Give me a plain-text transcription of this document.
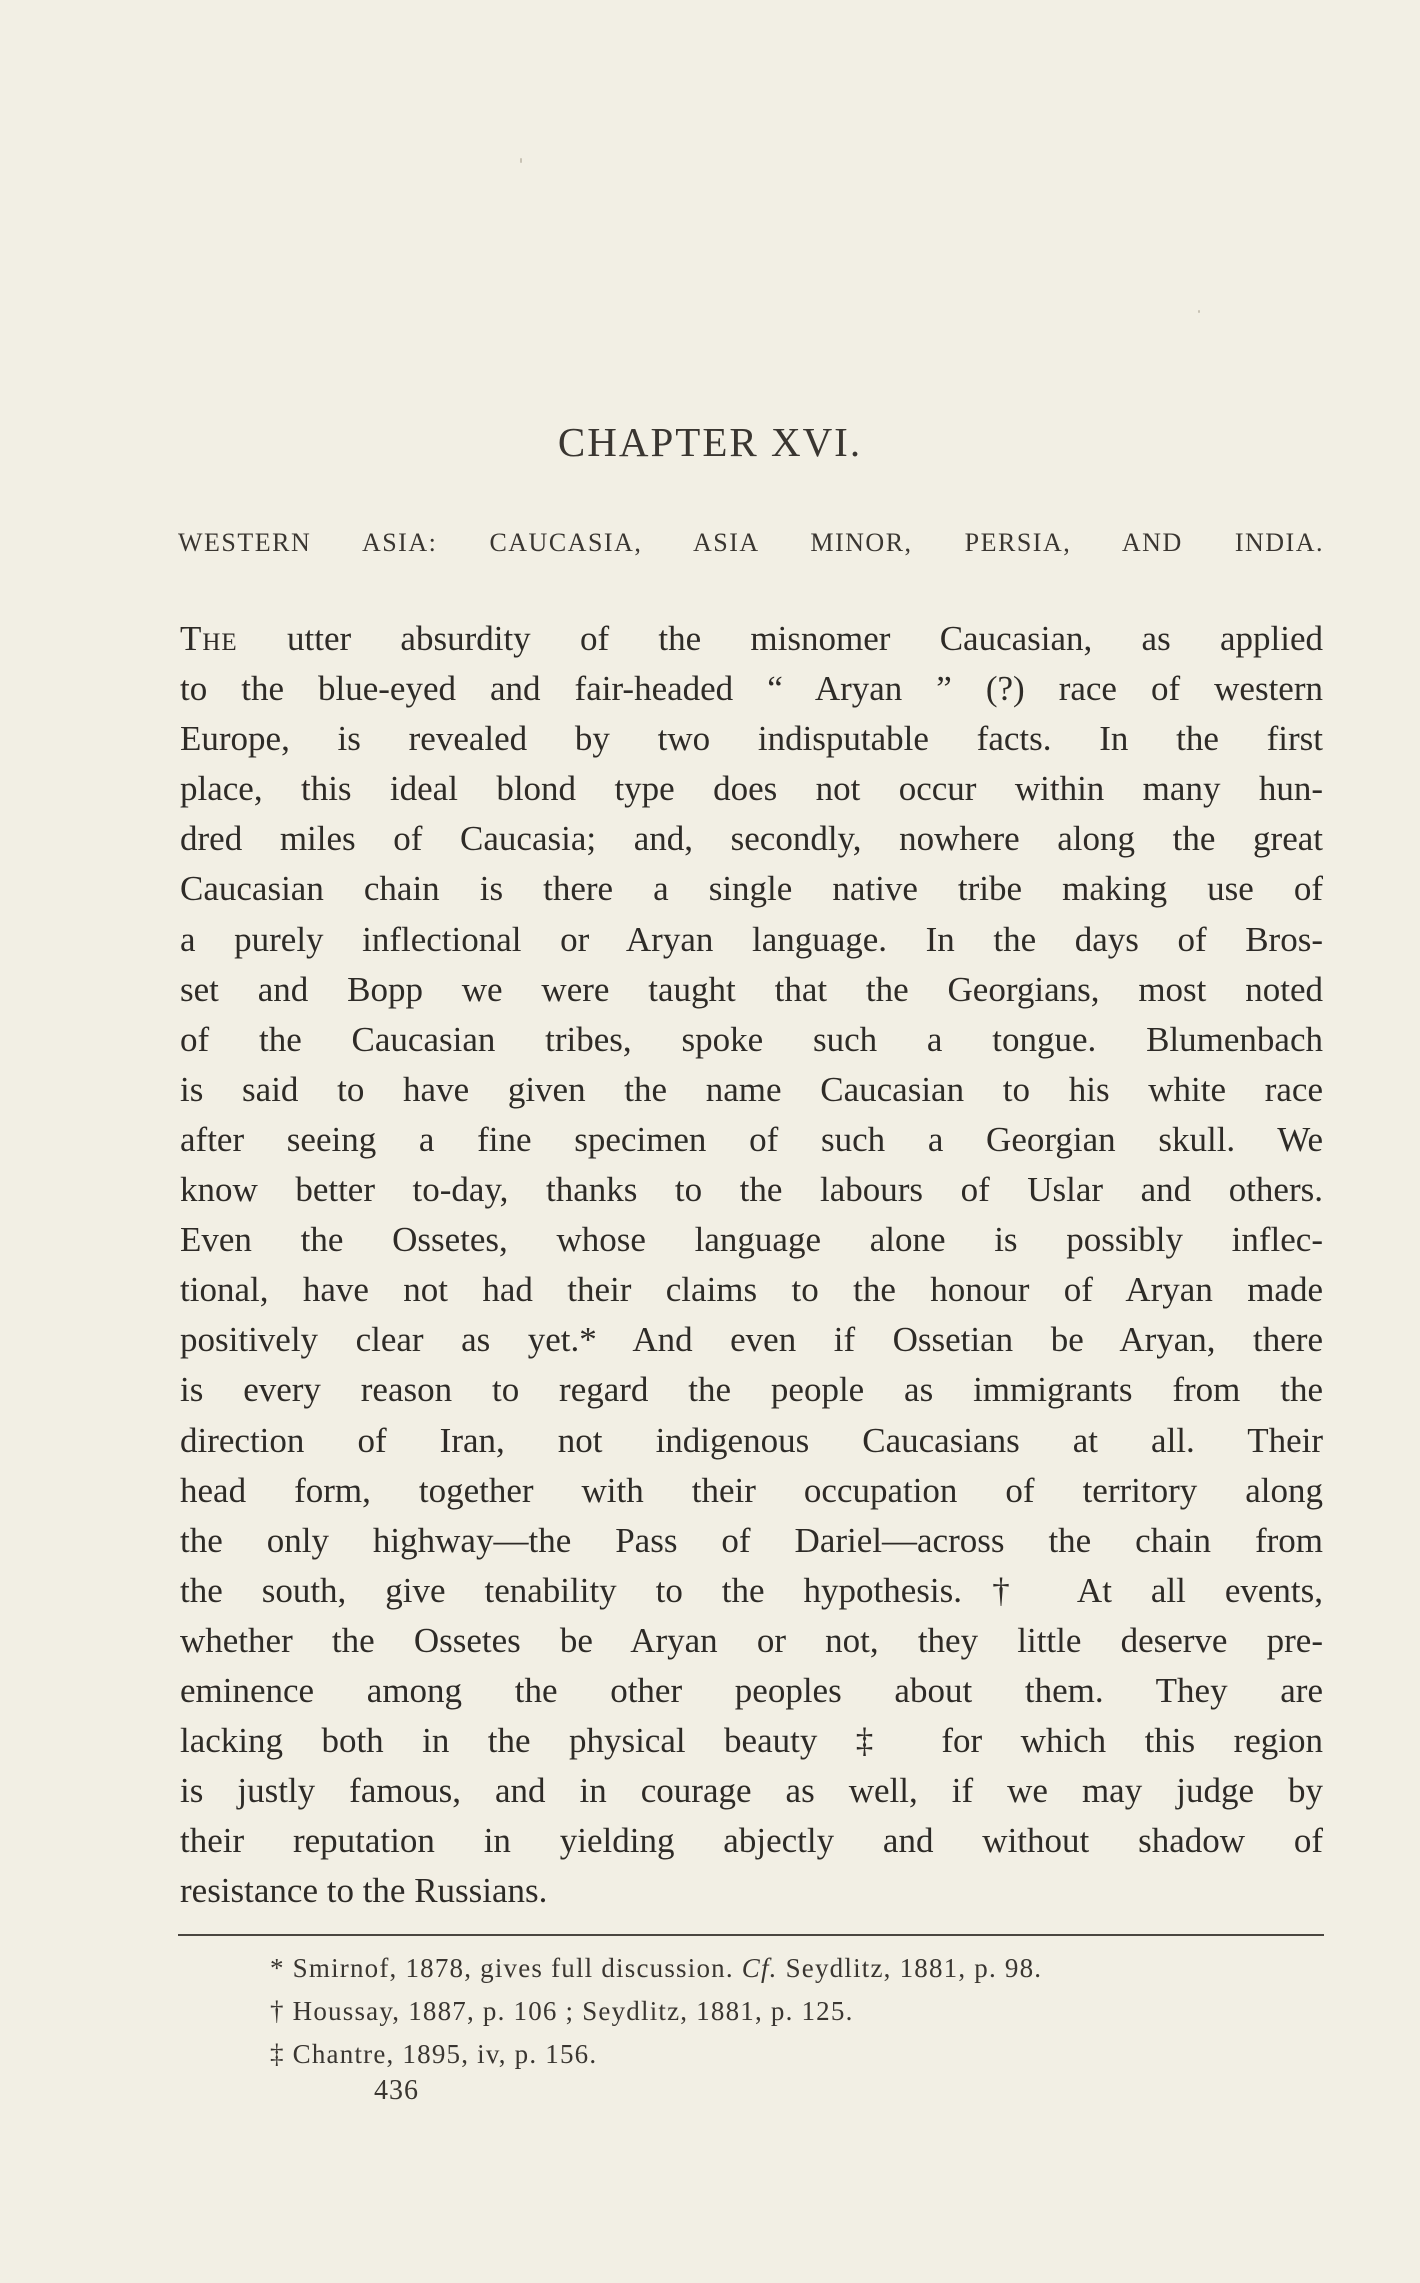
CHAPTER XVI.
WESTERN ASIA: CAUCASIA, ASIA MINOR, PERSIA, AND INDIA.
The utter absurdity of the misnomer Caucasian, as applied
to the blue-eyed and fair-headed “ Aryan ” (?) race of western
Europe, is revealed by two indisputable facts. In the first
place, this ideal blond type does not occur within many hun-
dred miles of Caucasia; and, secondly, nowhere along the great
Caucasian chain is there a single native tribe making use of
a purely inflectional or Aryan language. In the days of Bros-
set and Bopp we were taught that the Georgians, most noted
of the Caucasian tribes, spoke such a tongue. Blumenbach
is said to have given the name Caucasian to his white race
after seeing a fine specimen of such a Georgian skull. We
know better to-day, thanks to the labours of Uslar and others.
Even the Ossetes, whose language alone is possibly inflec-
tional, have not had their claims to the honour of Aryan made
positively clear as yet.* And even if Ossetian be Aryan, there
is every reason to regard the people as immigrants from the
direction of Iran, not indigenous Caucasians at all. Their
head form, together with their occupation of territory along
the only highway—the Pass of Dariel—across the chain from
the south, give tenability to the hypothesis.† At all events,
whether the Ossetes be Aryan or not, they little deserve pre-
eminence among the other peoples about them. They are
lacking both in the physical beauty ‡ for which this region
is justly famous, and in courage as well, if we may judge by
their reputation in yielding abjectly and without shadow of
resistance to the Russians.
* Smirnof, 1878, gives full discussion. Cf. Seydlitz, 1881, p. 98.
† Houssay, 1887, p. 106 ; Seydlitz, 1881, p. 125.
‡ Chantre, 1895, iv, p. 156.
436
